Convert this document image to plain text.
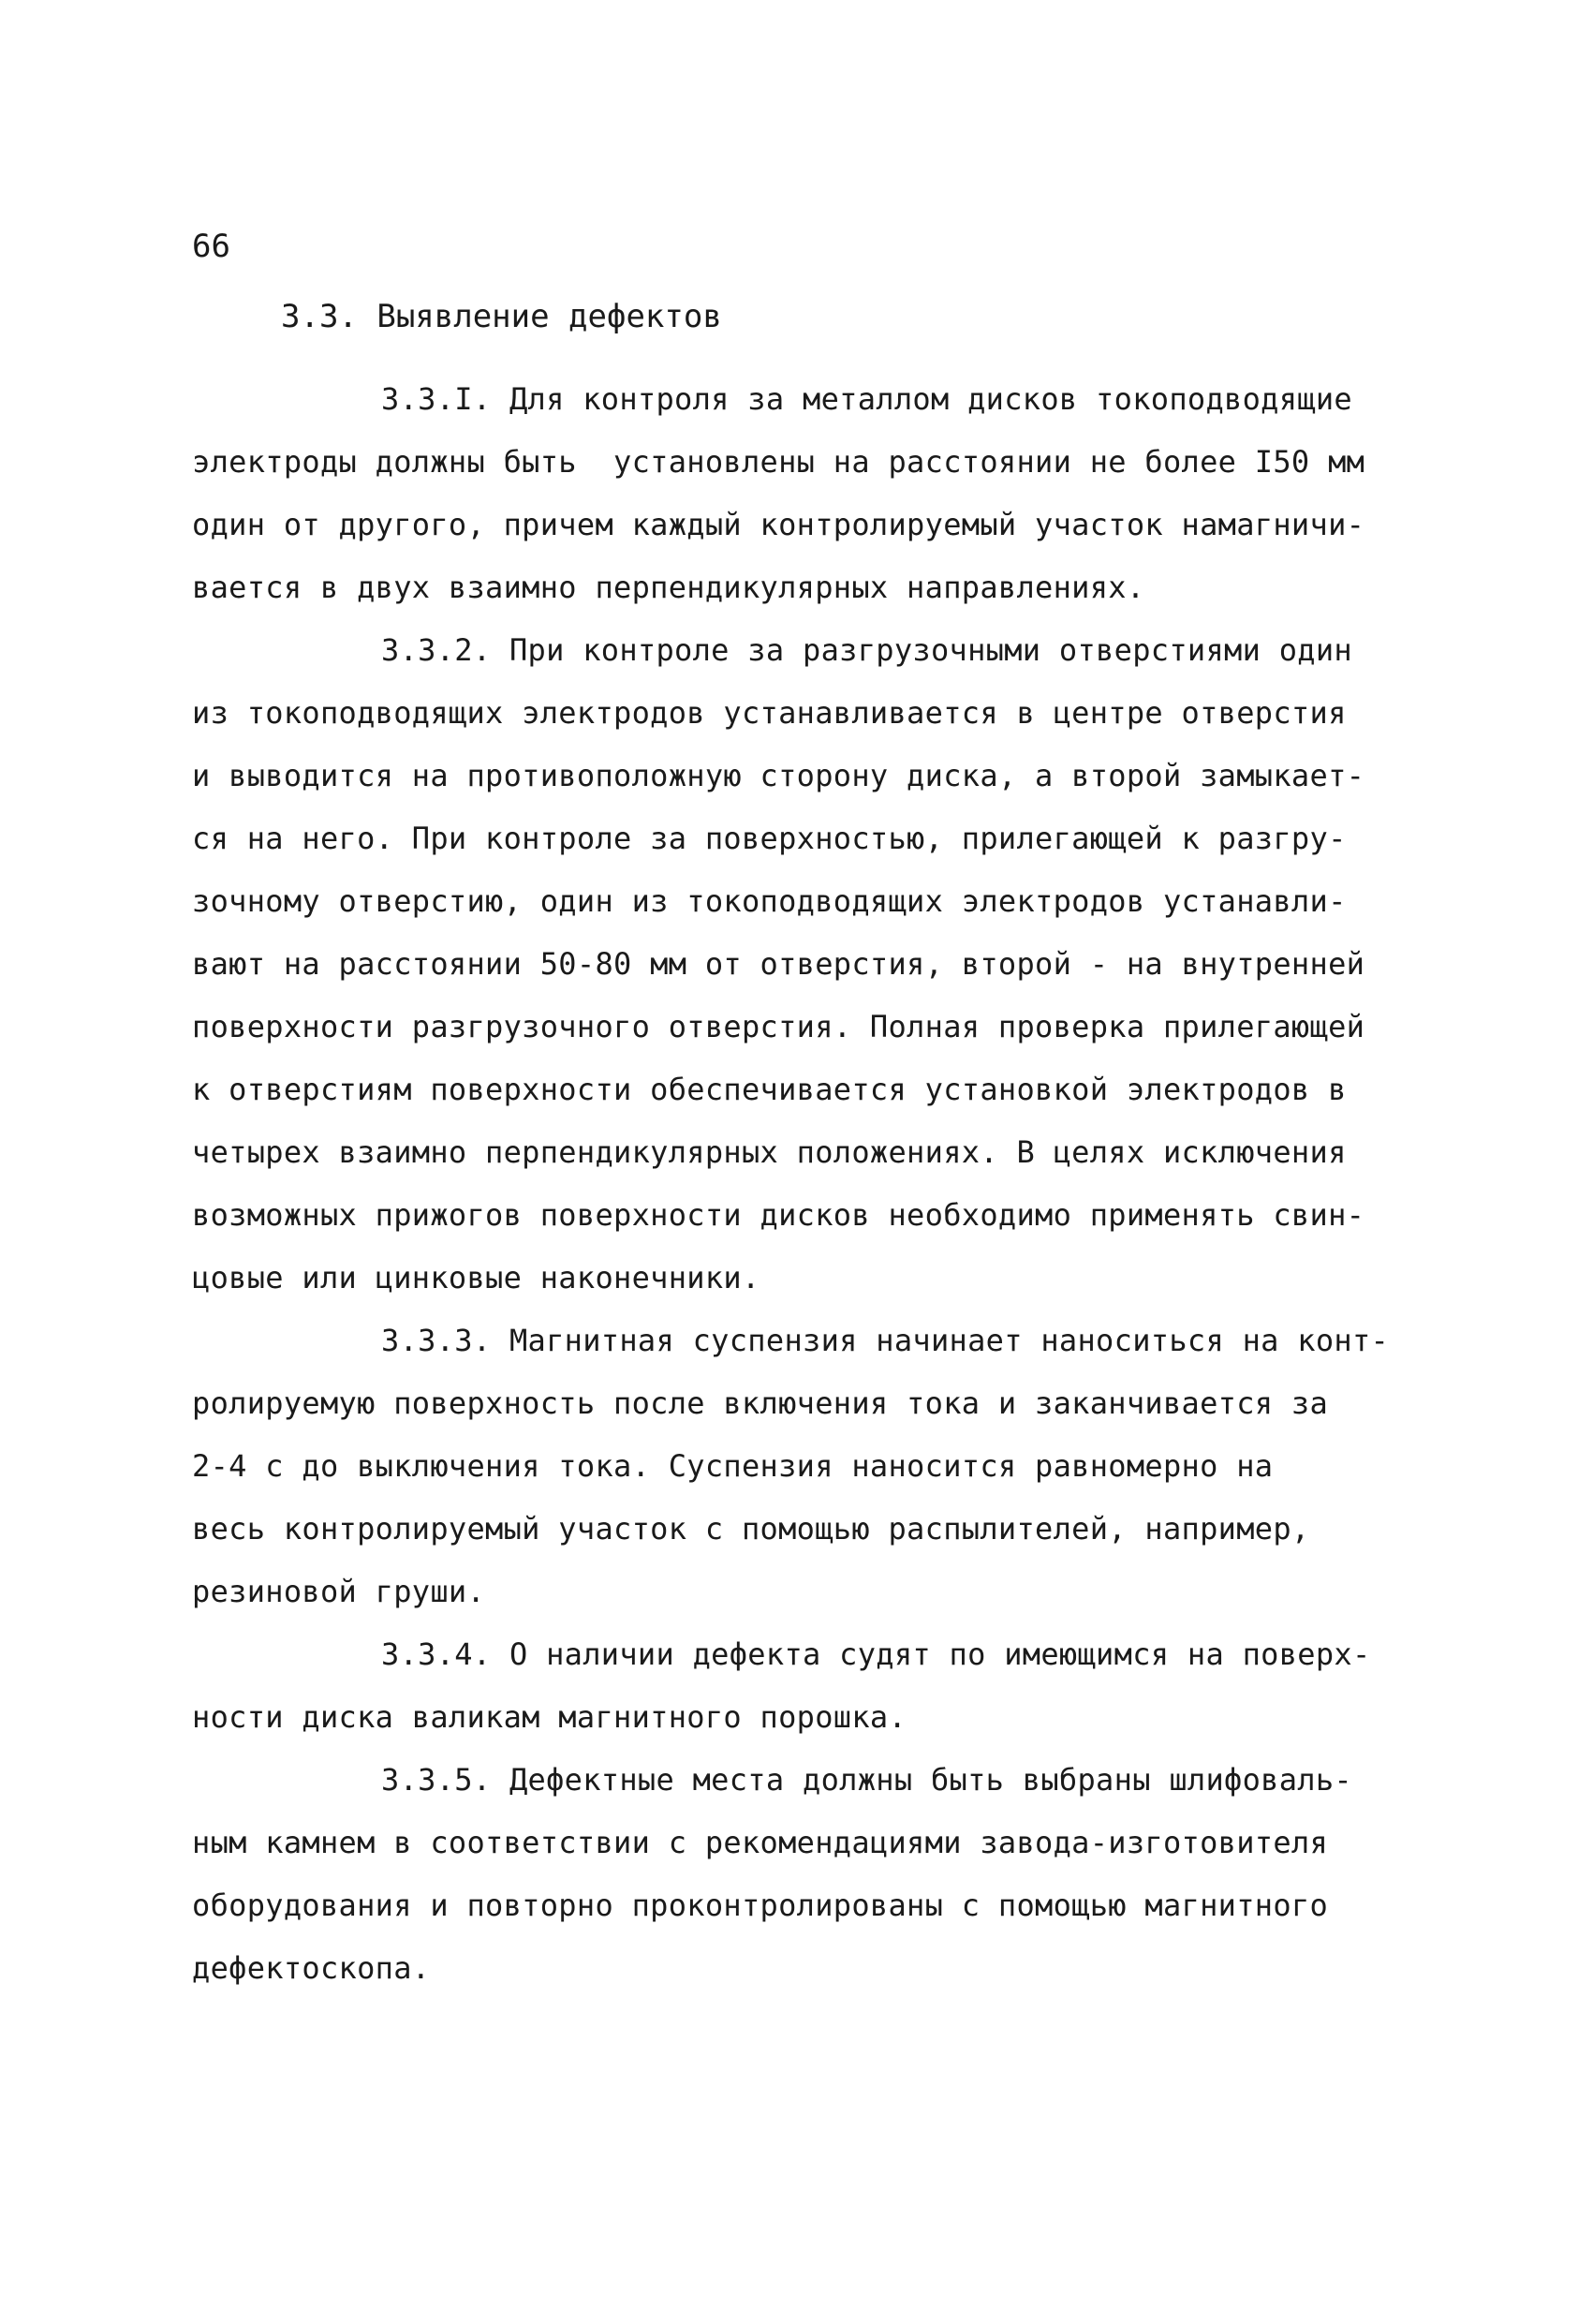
66
3.3. Выявление дефектов
3.3.I. Для контроля за металлом дисков токоподводящие
электроды должны быть  установлены на расстоянии не более I50 мм
один от другого, причем каждый контролируемый участок намагничи-
вается в двух взаимно перпендикулярных направлениях.
3.3.2. При контроле за разгрузочными отверстиями один
из токоподводящих электродов устанавливается в центре отверстия
и выводится на противоположную сторону диска, а второй замыкает-
ся на него. При контроле за поверхностью, прилегающей к разгру-
зочному отверстию, один из токоподводящих электродов устанавли-
вают на расстоянии 50-80 мм от отверстия, второй - на внутренней
поверхности разгрузочного отверстия. Полная проверка прилегающей
к отверстиям поверхности обеспечивается установкой электродов в
четырех взаимно перпендикулярных положениях. В целях исключения
возможных прижогов поверхности дисков необходимо применять свин-
цовые или цинковые наконечники.
3.3.3. Магнитная суспензия начинает наноситься на конт-
ролируемую поверхность после включения тока и заканчивается за
2-4 с до выключения тока. Суспензия наносится равномерно на
весь контролируемый участок с помощью распылителей, например,
резиновой груши.
3.3.4. О наличии дефекта судят по имеющимся на поверх-
ности диска валикам магнитного порошка.
3.3.5. Дефектные места должны быть выбраны шлифоваль-
ным камнем в соответствии с рекомендациями завода-изготовителя
оборудования и повторно проконтролированы с помощью магнитного
дефектоскопа.
